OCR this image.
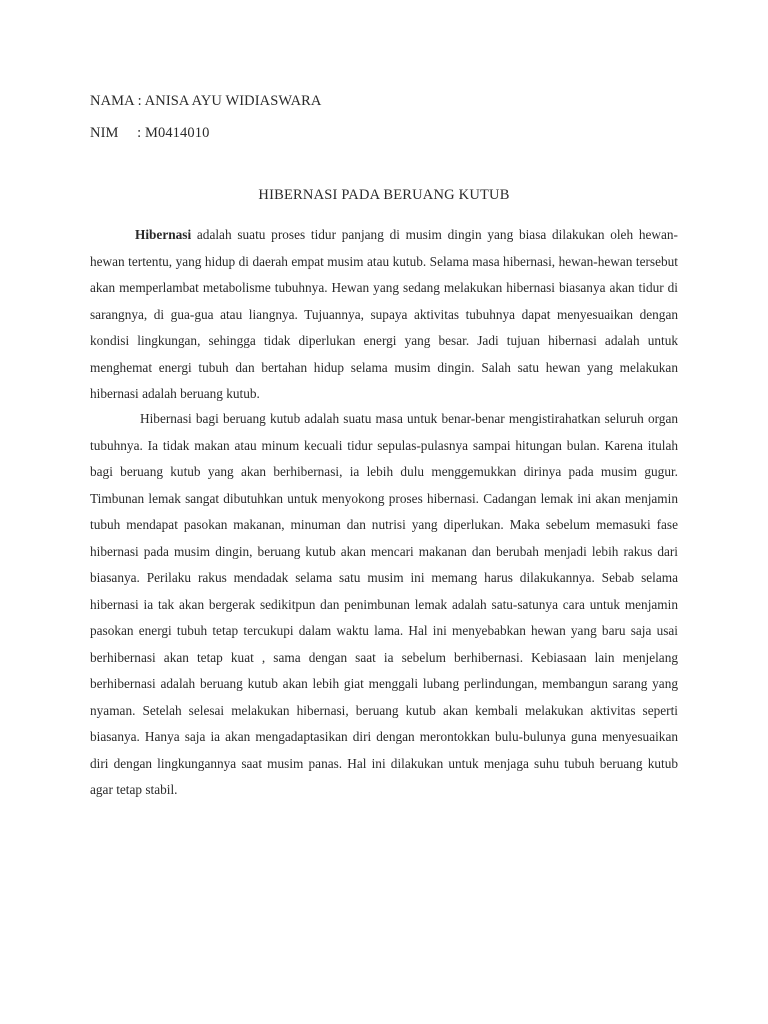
NAMA : ANISA AYU WIDIASWARA
NIM     : M0414010
HIBERNASI PADA BERUANG KUTUB

Hibernasi adalah suatu proses tidur panjang di musim dingin yang biasa dilakukan oleh hewan-hewan tertentu, yang hidup di daerah empat musim atau kutub. Selama masa hibernasi, hewan-hewan tersebut akan memperlambat metabolisme tubuhnya. Hewan yang sedang melakukan hibernasi biasanya akan tidur di sarangnya, di gua-gua atau liangnya. Tujuannya, supaya aktivitas tubuhnya dapat menyesuaikan dengan kondisi lingkungan, sehingga tidak diperlukan energi yang besar. Jadi tujuan hibernasi adalah untuk menghemat energi tubuh dan bertahan hidup selama musim dingin. Salah satu hewan yang melakukan hibernasi adalah beruang kutub.

Hibernasi bagi beruang kutub adalah suatu masa untuk benar-benar mengistirahatkan seluruh organ tubuhnya. Ia tidak makan atau minum kecuali tidur sepulas-pulasnya sampai hitungan bulan. Karena itulah bagi beruang kutub yang akan berhibernasi, ia lebih dulu menggemukkan dirinya pada musim gugur. Timbunan lemak sangat dibutuhkan untuk menyokong proses hibernasi. Cadangan lemak ini akan menjamin tubuh mendapat pasokan makanan, minuman dan nutrisi yang diperlukan. Maka sebelum memasuki fase hibernasi pada musim dingin, beruang kutub akan mencari makanan dan berubah menjadi lebih rakus dari biasanya. Perilaku rakus mendadak selama satu musim ini memang harus dilakukannya. Sebab selama hibernasi ia tak akan bergerak sedikitpun dan penimbunan lemak adalah satu-satunya cara untuk menjamin pasokan energi tubuh tetap tercukupi dalam waktu lama. Hal ini menyebabkan hewan yang baru saja usai berhibernasi akan tetap kuat , sama dengan saat ia sebelum berhibernasi. Kebiasaan lain menjelang berhibernasi adalah beruang kutub akan lebih giat menggali lubang perlindungan, membangun sarang yang nyaman. Setelah selesai melakukan hibernasi, beruang kutub akan kembali melakukan aktivitas seperti biasanya. Hanya saja ia akan mengadaptasikan diri dengan merontokkan bulu-bulunya guna menyesuaikan diri dengan lingkungannya saat musim panas. Hal ini dilakukan untuk menjaga suhu tubuh beruang kutub agar tetap stabil.
